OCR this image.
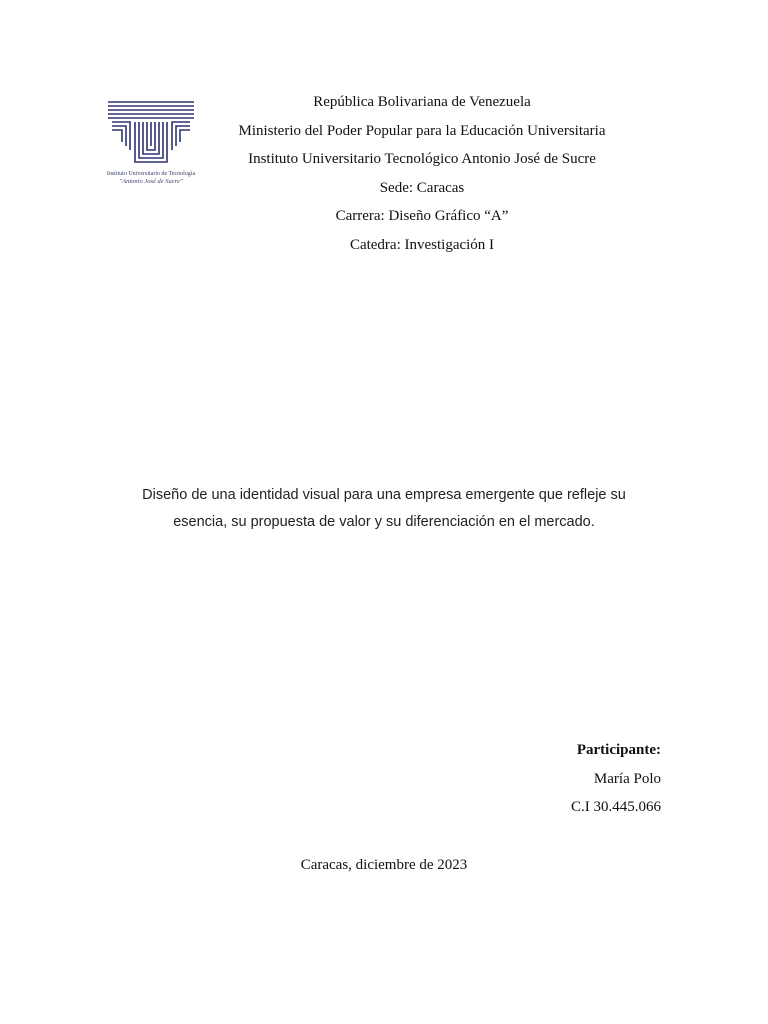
Instituto Universitario de Tecnología
"Antonio José de Sucre"
República Bolivariana de Venezuela
Ministerio del Poder Popular para la Educación Universitaria
Instituto Universitario Tecnológico Antonio José de Sucre
Sede: Caracas
Carrera: Diseño Gráfico “A”
Catedra: Investigación I
Diseño de una identidad visual para una empresa emergente que refleje su
esencia, su propuesta de valor y su diferenciación en el mercado.
Participante:
María Polo
C.I 30.445.066
Caracas, diciembre de 2023
